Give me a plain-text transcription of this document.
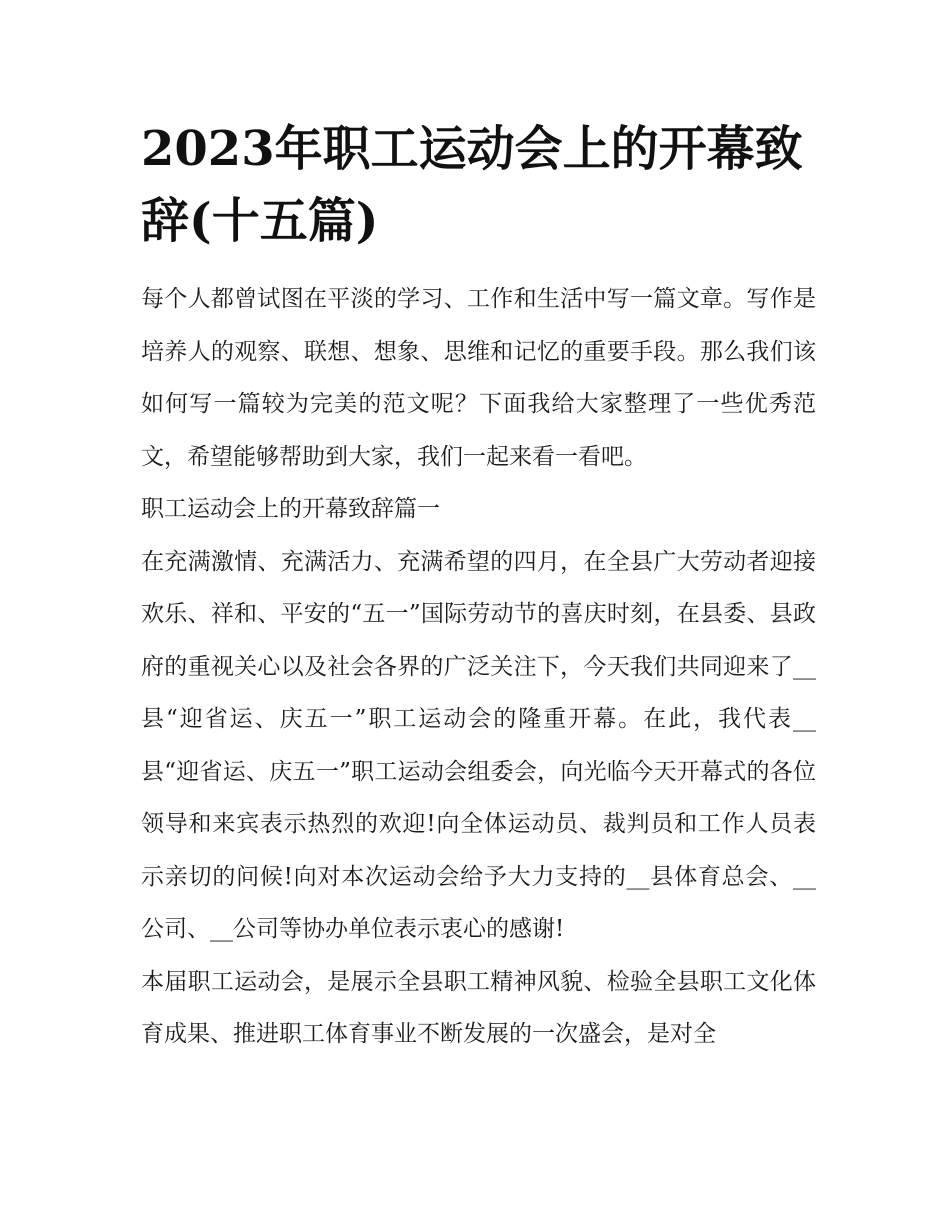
2023年职工运动会上的开幕致辞(十五篇)

每个人都曾试图在平淡的学习、工作和生活中写一篇文章。写作是培养人的观察、联想、想象、思维和记忆的重要手段。那么我们该如何写一篇较为完美的范文呢？下面我给大家整理了一些优秀范文，希望能够帮助到大家，我们一起来看一看吧。

职工运动会上的开幕致辞篇一

在充满激情、充满活力、充满希望的四月，在全县广大劳动者迎接欢乐、祥和、平安的“五一”国际劳动节的喜庆时刻，在县委、县政府的重视关心以及社会各界的广泛关注下，今天我们共同迎来了__县“迎省运、庆五一”职工运动会的隆重开幕。在此，我代表__县“迎省运、庆五一”职工运动会组委会，向光临今天开幕式的各位领导和来宾表示热烈的欢迎!向全体运动员、裁判员和工作人员表示亲切的问候!向对本次运动会给予大力支持的__县体育总会、__公司、__公司等协办单位表示衷心的感谢!

本届职工运动会，是展示全县职工精神风貌、检验全县职工文化体育成果、推进职工体育事业不断发展的一次盛会，是对全
